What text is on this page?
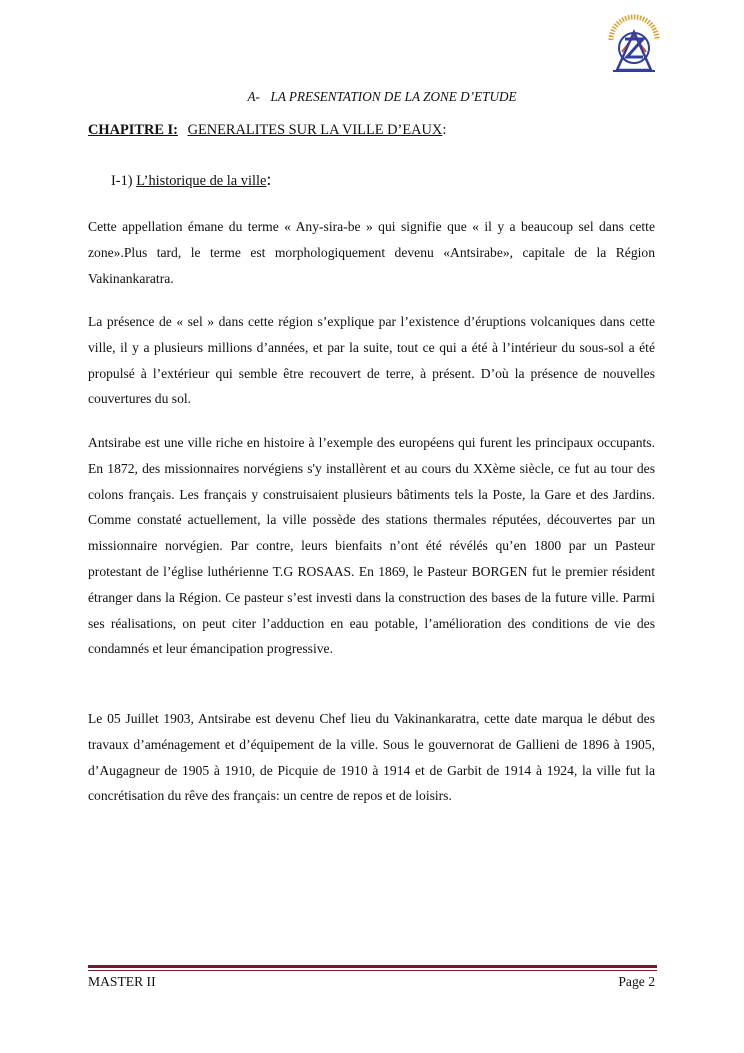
A- LA PRESENTATION DE LA ZONE D’ETUDE
CHAPITRE I: GENERALITES SUR LA VILLE D’EAUX:
I-1) L’historique de la ville:

Cette appellation émane du terme « Any-sira-be » qui signifie que « il y a beaucoup sel dans cette zone».Plus tard, le terme est morphologiquement devenu «Antsirabe», capitale de la Région Vakinankaratra.

La présence de « sel » dans cette région s’explique par l’existence d’éruptions volcaniques dans cette ville, il y a plusieurs millions d’années, et par la suite, tout ce qui a été à l’intérieur du sous-sol a été propulsé à l’extérieur qui semble être recouvert de terre, à présent. D’où la présence de nouvelles couvertures du sol.

Antsirabe est une ville riche en histoire à l’exemple des européens qui furent les principaux occupants. En 1872, des missionnaires norvégiens s'y installèrent et au cours du XXème siècle, ce fut au tour des colons français. Les français y construisaient plusieurs bâtiments tels la Poste, la Gare et des Jardins. Comme constaté actuellement, la ville possède des stations thermales réputées, découvertes par un missionnaire norvégien. Par contre, leurs bienfaits n’ont été révélés qu’en 1800 par un Pasteur protestant de l’église luthérienne T.G ROSAAS. En 1869, le Pasteur BORGEN fut le premier résident étranger dans la Région. Ce pasteur s’est investi dans la construction des bases de la future ville. Parmi ses réalisations, on peut citer l’adduction en eau potable, l’amélioration des conditions de vie des condamnés et leur émancipation progressive.

Le 05 Juillet 1903, Antsirabe est devenu Chef lieu du Vakinankaratra, cette date marqua le début des travaux d’aménagement et d’équipement de la ville. Sous le gouvernorat de Gallieni de 1896 à 1905, d’Augagneur de 1905 à 1910, de Picquie de 1910 à 1914 et de Garbit de 1914 à 1924, la ville fut la concrétisation du rêve des français: un centre de repos et de loisirs.

MASTER II	Page 2
